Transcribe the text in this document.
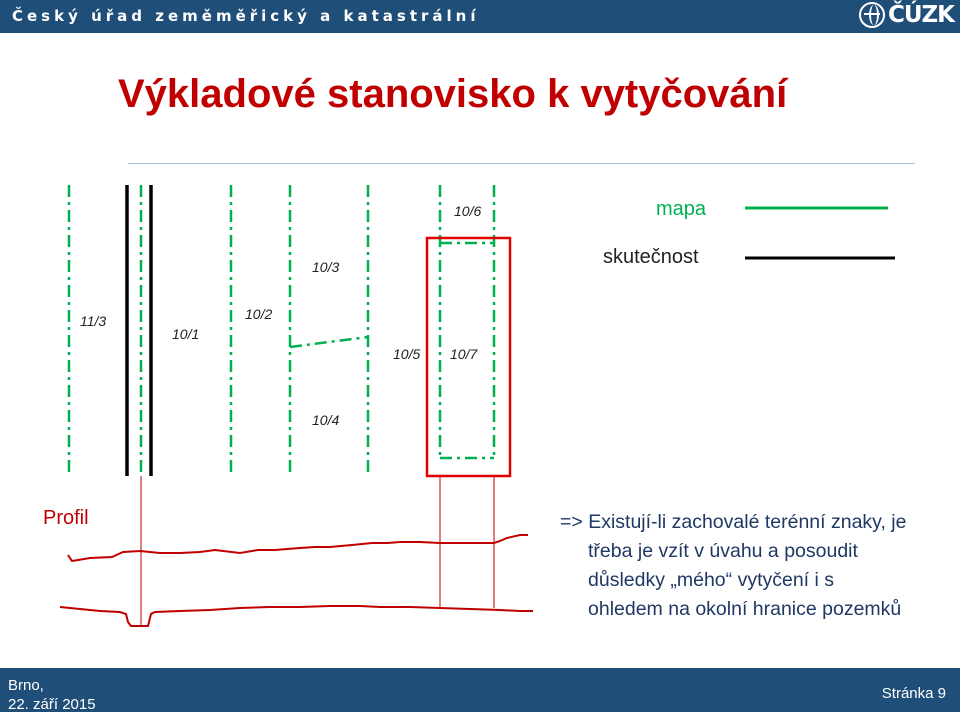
Český úřad zeměměřický a katastrální	ČÚZK
Výkladové stanovisko k vytyčování
11/3
10/1
10/2
10/3
10/4
10/5
10/6
10/7
mapa
skutečnost
Profil	=> Existují-li zachovalé terénní znaky, je
třeba je vzít v úvahu a posoudit
důsledky „mého“ vytyčení i s
ohledem na okolní hranice pozemků
Brno,
22. září 2015
Stránka 9
